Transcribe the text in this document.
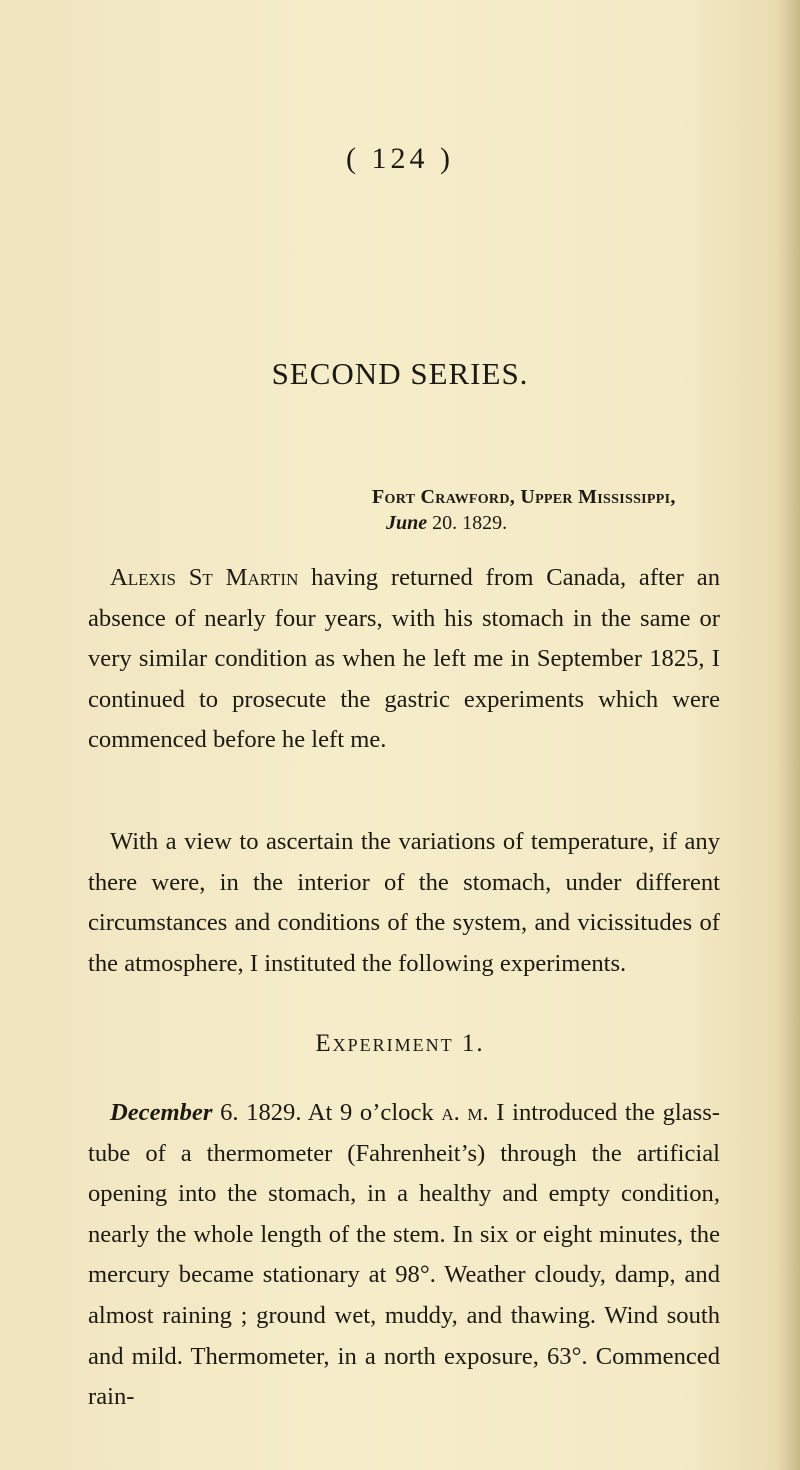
( 124 )
SECOND SERIES.
Fort Crawford, Upper Mississippi,
June 20. 1829.

Alexis St Martin having returned from Canada, after an absence of nearly four years, with his stomach in the same or very similar condition as when he left me in September 1825, I continued to prosecute the gastric experiments which were commenced before he left me.

With a view to ascertain the variations of temperature, if any there were, in the interior of the stomach, under different circumstances and conditions of the system, and vicissitudes of the atmosphere, I instituted the following experiments.

Experiment 1.

December 6. 1829. At 9 o’clock a. m. I introduced the glass-tube of a thermometer (Fahrenheit’s) through the artificial opening into the stomach, in a healthy and empty condition, nearly the whole length of the stem. In six or eight minutes, the mercury became stationary at 98°. Weather cloudy, damp, and almost raining ; ground wet, muddy, and thawing. Wind south and mild. Thermometer, in a north exposure, 63°. Commenced rain-
